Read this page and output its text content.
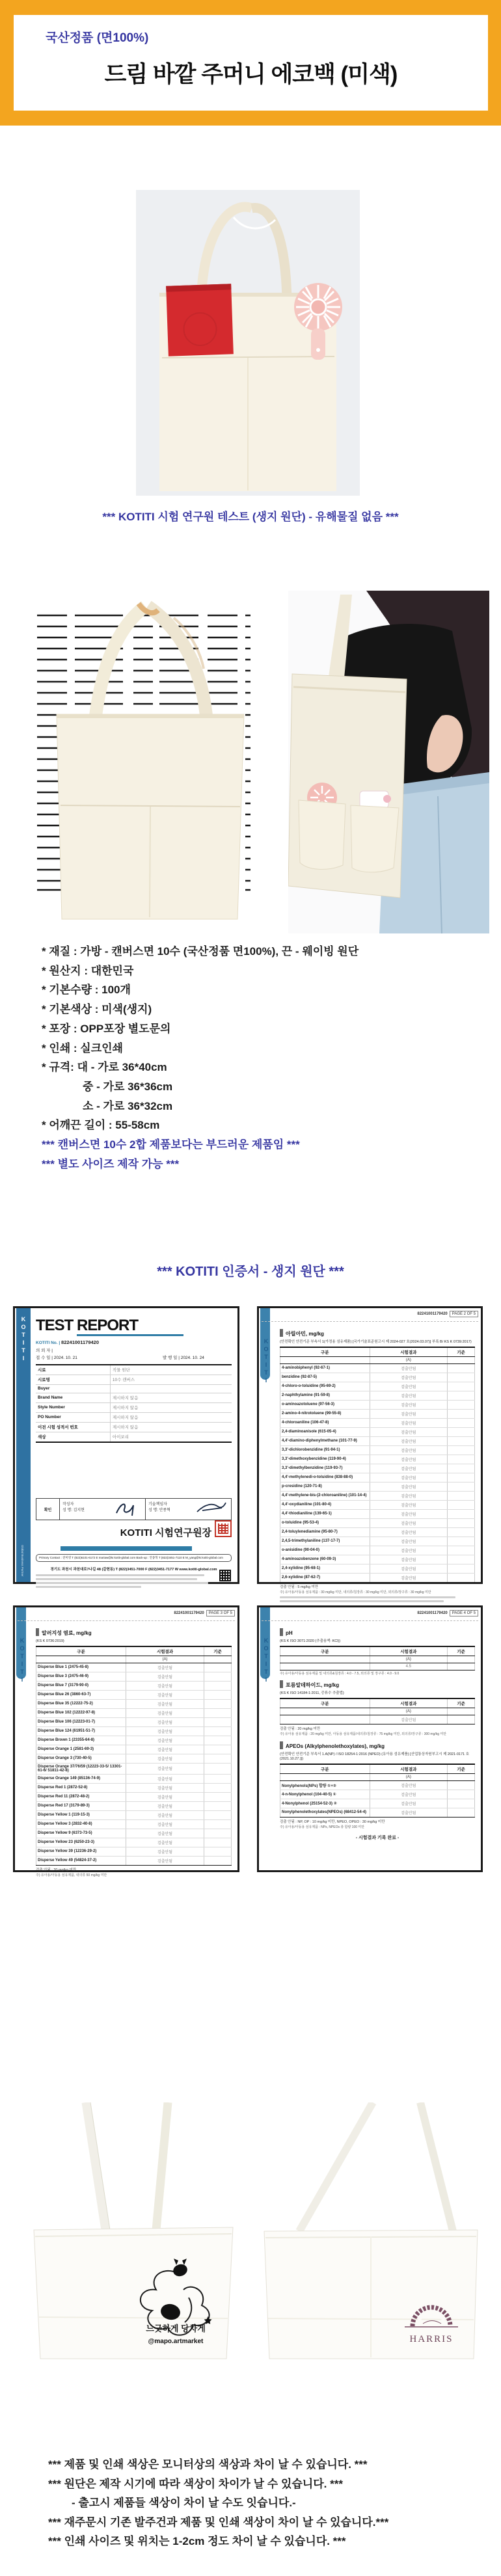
국산정품 (면100%)
드림 바깥 주머니 에코백 (미색)
*** KOTITI 시험 연구원 테스트 (생지 원단) - 유해물질 없음 ***
* 재질 : 가방 - 캔버스면 10수 (국산정품 면100%), 끈 - 웨이빙 원단
* 원산지 : 대한민국
* 기본수량 : 100개
* 기본색상 : 미색(생지)
* 포장 : OPP포장 별도문의
* 인쇄 : 실크인쇄
* 규격: 대 - 가로 36*40cm
중 - 가로 36*36cm
소 - 가로 36*32cm
* 어깨끈 길이 : 55-58cm
*** 캔버스면 10수 2합 제품보다는 부드러운 제품임 ***
*** 별도 사이즈 제작 가능 ***
*** KOTITI 인증서 - 생지 원단 ***
KOTITI
Global Business Partner
TEST REPORT
KOTITI No. | 82241001179420
의 뢰 자 |
접 수 일 | 2024. 10. 21	발 행 일 | 2024. 10. 24
시료	직물 원단
시료명	10수 캔버스
Buyer	
Brand Name	제시하지 않음
Style Number	제시하지 않음
PO Number	제시하지 않음
이전 시험 성적서 번호	제시하지 않음
색상	아이보리
확인
작성자
성 명: 김지현
기술책임자
성 명: 안종혁
KOTITI 시험연구원장
Primary Contact : 전미영 T (822)6101-6172 E mariaw@kr.kotiti-global.com Back-up : 안종혁 T (822)3451-7110 E M_yang@kr.kotiti-global.com
경기도 과천시 과천대로7나길 48 (갈현동) T (822)3451-7000 F (822)3451-7177 W www.kotiti-global.com
KOTITI
82241001179420 PAGE 2 OF 5
아릴아민, mg/kg
(안전확인 안전기준 부속서 1(가정용 섬유제품) [국가기술표준원고시 제 2024-027 호(2024.03.07)] 부록 B/ KS K 0739:2017)
구분	시험결과	기준
	(A)	
4-aminobiphenyl (92-67-1)	검출안됨	
benzidine (92-87-5)	검출안됨	
4-chloro-o-toluidine (95-69-2)	검출안됨	
2-naphthylamine (91-59-8)	검출안됨	
o-aminoazotoluene (97-56-3)	검출안됨	
2-amino-4-nitrotoluene (99-55-8)	검출안됨	
4-chloroaniline (106-47-8)	검출안됨	
2,4-diaminoanisole (615-05-4)	검출안됨	
4,4'-diamino-diphenylmethane (101-77-9)	검출안됨	
3,3'-dichlorobenzidine (91-94-1)	검출안됨	
3,3'-dimethoxybenzidine (119-90-4)	검출안됨	
3,3'-dimethylbenzidine (119-93-7)	검출안됨	
4,4'-methylenedi-o-toluidine (838-88-0)	검출안됨	
p-cresidine (120-71-8)	검출안됨	
4,4'-methylene-bis-(2-chloroaniline) (101-14-4)	검출안됨	
4,4'-oxydianiline (101-80-4)	검출안됨	
4,4'-thiodianiline (139-65-1)	검출안됨	
o-toluidine (95-53-4)	검출안됨	
2,4-toluylenediamine (95-80-7)	검출안됨	
2,4,5-trimethylaniline (137-17-7)	검출안됨	
o-anisidine (90-04-0)	검출안됨	
4-aminoazobenzene (60-09-3)	검출안됨	
2,4-xylidine (95-68-1)	검출안됨	
2,6-xylidine (87-62-7)	검출안됨	
검출 안됨 : 5 mg/kg 미만
주) 유아용/아동용 섬유제품 : 30 mg/kg 미만, 내의류/침장류 : 30 mg/kg 미만, 외의류/장구류 : 30 mg/kg 미만
KOTITI
82241001179420 PAGE 3 OF 5
알러지성 염료, mg/kg
(KS K 0736:2019)
구분	시험결과	기준
	(A)	
Disperse Blue 1 (2475-45-8)	검출안됨	
Disperse Blue 3 (2475-46-9)	검출안됨	
Disperse Blue 7 (3179-90-0)	검출안됨	
Disperse Blue 26 (3860-63-7)	검출안됨	
Disperse Blue 35 (12222-75-2)	검출안됨	
Disperse Blue 102 (12222-97-8)	검출안됨	
Disperse Blue 106 (12223-01-7)	검출안됨	
Disperse Blue 124 (61951-51-7)	검출안됨	
Disperse Brown 1 (23355-64-8)	검출안됨	
Disperse Orange 1 (2581-69-3)	검출안됨	
Disperse Orange 3 (730-40-5)	검출안됨	
Disperse Orange 37/76/59 (12223-33-5/ 13301-61-6/ 51811-42-8)	검출안됨	
Disperse Orange 149 (85136-74-9)	검출안됨	
Disperse Red 1 (2872-52-8)	검출안됨	
Disperse Red 11 (2872-48-2)	검출안됨	
Disperse Red 17 (3179-89-3)	검출안됨	
Disperse Yellow 1 (119-15-3)	검출안됨	
Disperse Yellow 3 (2832-40-8)	검출안됨	
Disperse Yellow 9 (6373-73-5)	검출안됨	
Disperse Yellow 23 (6250-23-3)	검출안됨	
Disperse Yellow 39 (12236-29-2)	검출안됨	
Disperse Yellow 49 (54824-37-2)	검출안됨	
검출 안됨 : 20 mg/kg 미만
주) 유아용/아동용 섬유제품, 내의류 50 mg/kg 미만
KOTITI
82241001179420 PAGE 4 OF 5
pH
(KS K ISO 3071:2020 (추출용액: KCl))
구분	시험결과	기준
	(A)	
	4.5	
주) 유아용/아동용 섬유제품 및 내의류&침장류 : 4.0 - 7.5, 외의류 및 장구류 : 4.0 - 9.0
포름알데하이드, mg/kg
(KS K ISO 14184-1:2011, 증류수 추출법)
구분	시험결과	기준
	(A)	
	검출안됨	
검출 안됨 : 20 mg/kg 미만
주) 유아용 섬유제품 : 20 mg/kg 미만, 아동용 섬유제품/내의류/침장류 : 75 mg/kg 미만, 외의류/장구류 : 300 mg/kg 미만
APEOs (Alkylphenolethoxylates), mg/kg
(안전확인 안전기준 부속서 1.A(NP) / ISO 18254-1:2016 (NPEO) (유아용 섬유제품) [산업통상자원부고시 제 2021-0171 호 (2021.10.27.)])
구분	시험결과	기준
	(A)	
Nonylphenols(NPs) 합량 ①+②	검출안됨	
4-n-Nonylphenol (104-40-5) ①	검출안됨	
4-Nonylphenol (25154-52-3) ②	검출안됨	
Nonylphenolethoxylates(NPEOs) (68412-54-4)	검출안됨	
검출 안됨 : NP, OP : 10 mg/kg 미만, NPEO, OPEO : 30 mg/kg 미만
주) 유아용/아동용 섬유제품 : NPs, NPEOs 총 함량 100 미만
- 시험결과 기록 완료 -
느긋하게 당차게
@mapo.artmarket	HARRIS
*** 제품 및 인쇄 색상은 모니터상의 색상과 차이 날 수 있습니다. ***
*** 원단은 제작 시기에 따라 색상이 차이가 날 수 있습니다. ***
- 출고시 제품들 색상이 차이 날 수도 잇습니다.-
*** 재주문시 기존 발주건과 제품 및 인쇄 색상이 차이 날 수 있습니다.***
*** 인쇄 사이즈 및 위치는 1-2cm 정도 차이 날 수 있습니다. ***
